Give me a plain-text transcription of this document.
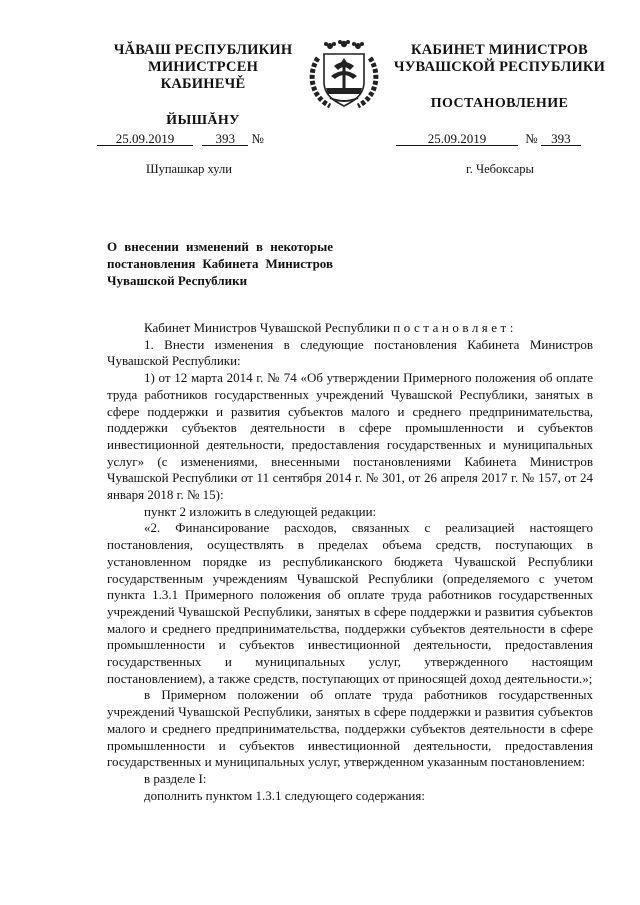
ЧĂВАШ РЕСПУБЛИКИН
МИНИСТРСЕН КАБИНЕЧĚ
ЙЫШĂНУ
КАБИНЕТ МИНИСТРОВ
ЧУВАШСКОЙ РЕСПУБЛИКИ
ПОСТАНОВЛЕНИЕ
25.09.2019	393 №	25.09.2019	№ 393
Шупашкар хули	г. Чебоксары
О внесении изменений в некоторые постановления Кабинета Министров Чувашской Республики

Кабинет Министров Чувашской Республики постановляет:

1. Внести изменения в следующие постановления Кабинета Министров Чувашской Республики:

1) от 12 марта 2014 г. № 74 «Об утверждении Примерного положения об оплате труда работников государственных учреждений Чувашской Республики, занятых в сфере поддержки и развития субъектов малого и среднего предпринимательства, поддержки субъектов деятельности в сфере промышленности и субъектов инвестиционной деятельности, предоставления государственных и муниципальных услуг» (с изменениями, внесенными постановлениями Кабинета Министров Чувашской Республики от 11 сентября 2014 г. № 301, от 26 апреля 2017 г. № 157, от 24 января 2018 г. № 15):

пункт 2 изложить в следующей редакции:

«2. Финансирование расходов, связанных с реализацией настоящего постановления, осуществлять в пределах объема средств, поступающих в установленном порядке из республиканского бюджета Чувашской Республики государственным учреждениям Чувашской Республики (определяемого с учетом пункта 1.3.1 Примерного положения об оплате труда работников государственных учреждений Чувашской Республики, занятых в сфере поддержки и развития субъектов малого и среднего предпринимательства, поддержки субъектов деятельности в сфере промышленности и субъектов инвестиционной деятельности, предоставления государственных и муниципальных услуг, утвержденного настоящим постановлением), а также средств, поступающих от приносящей доход деятельности.»;

в Примерном положении об оплате труда работников государственных учреждений Чувашской Республики, занятых в сфере поддержки и развития субъектов малого и среднего предпринимательства, поддержки субъектов деятельности в сфере промышленности и субъектов инвестиционной деятельности, предоставления государственных и муниципальных услуг, утвержденном указанным постановлением:

в разделе I:

дополнить пунктом 1.3.1 следующего содержания:
